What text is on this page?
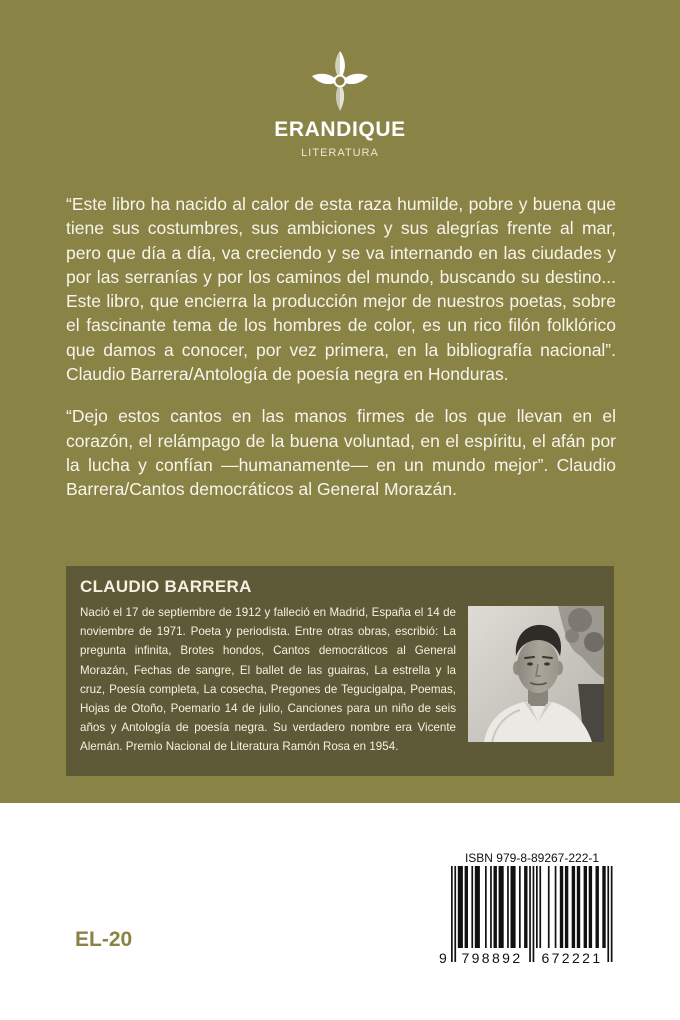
ERANDIQUE
LITERATURA

“Este libro ha nacido al calor de esta raza humilde, pobre y buena que tiene sus costumbres, sus ambiciones y sus alegrías frente al mar, pero que día a día, va creciendo y se va internando en las ciudades y por las serranías y por los caminos del mundo, buscando su destino... Este libro, que encierra la producción mejor de nuestros poetas, sobre el fascinante tema de los hombres de color, es un rico filón folklórico que damos a conocer, por vez primera, en la bibliografía nacional”. Claudio Barrera/Antología de poesía negra en Honduras.

“Dejo estos cantos en las manos firmes de los que llevan en el corazón, el relámpago de la buena voluntad, en el espíritu, el afán por la lucha y confían —humanamente— en un mundo mejor”. Claudio Barrera/Cantos democráticos al General Morazán.

CLAUDIO BARRERA

Nació el 17 de septiembre de 1912 y falleció en Madrid, España el 14 de noviembre de 1971. Poeta y periodista. Entre otras obras, escribió: La pregunta infinita, Brotes hondos, Cantos democráticos al General Morazán, Fechas de sangre, El ballet de las guairas, La estrella y la cruz, Poesía completa, La cosecha, Pregones de Tegucigalpa, Poemas, Hojas de Otoño, Poemario 14 de julio, Canciones para un niño de seis años y Antología de poesía negra. Su verdadero nombre era Vicente Alemán. Premio Nacional de Literatura Ramón Rosa en 1954.

ISBN 979-8-89267-222-1
9	798892	672221
EL-20
